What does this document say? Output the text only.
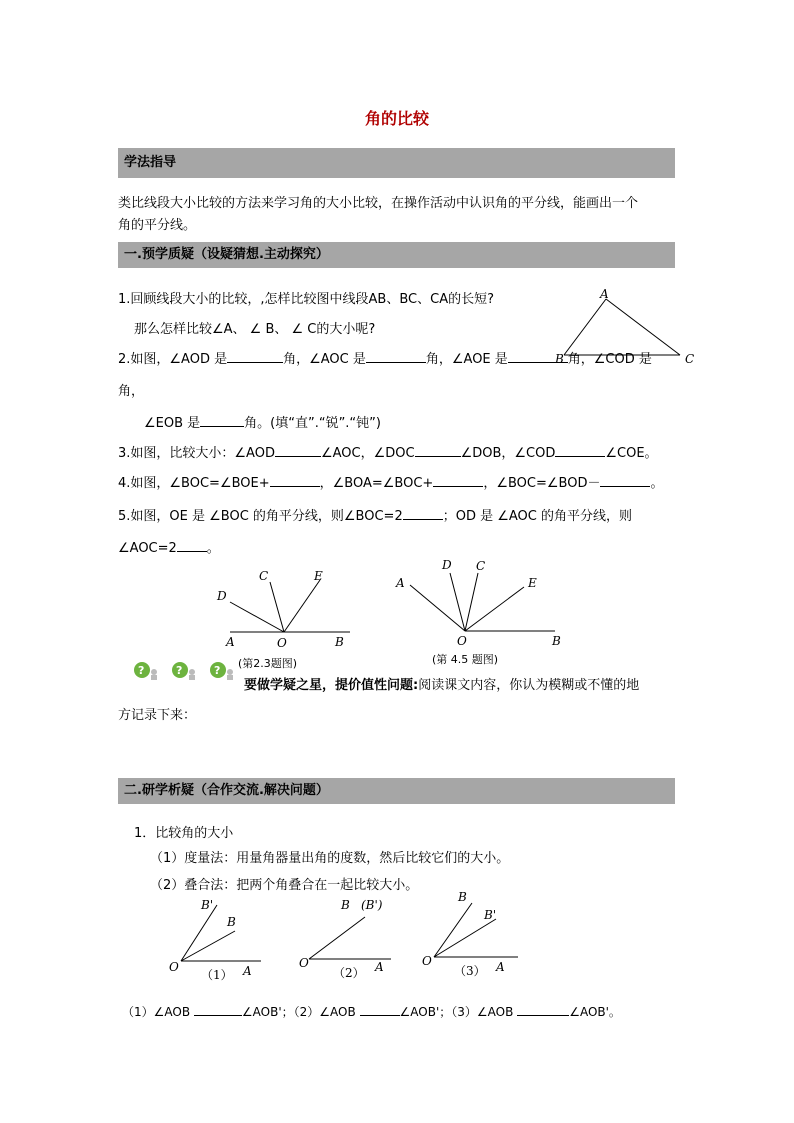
角的比较
学法指导
类比线段大小比较的方法来学习角的大小比较，在操作活动中认识角的平分线，能画出一个
角的平分线。
一.预学质疑（设疑猜想.主动探究）
1.回顾线段大小的比较，,怎样比较图中线段AB、BC、CA的长短?
那么怎样比较∠A、 ∠ B、 ∠ C的大小呢?
A
B	C
2.如图，∠AOD 是	角，∠AOC 是	角，∠AOE 是	角，∠COD 是
角，
∠EOB 是	角。(填“直”.“锐”.“钝”)
3.如图，比较大小：∠AOD	∠AOC，∠DOC	∠DOB，∠COD	∠COE。
4.如图，∠BOC=∠BOE+	，∠BOA=∠BOC+	，∠BOC=∠BOD－	。
5.如图，OE 是 ∠BOC 的角平分线，则∠BOC=2	；OD 是 ∠AOC 的角平分线，则
∠AOC=2 。
A	O	B
C
D
E	A
O	B
C
D
E
(第 4.5 题图)
?	?	?
(第2.3题图)
要做学疑之星，提价值性问题:阅读课文内容，你认为模糊或不懂的地
方记录下来：
二.研学析疑（合作交流.解决问题）
1．比较角的大小
（1）度量法：用量角器量出角的度数，然后比较它们的大小。
（2）叠合法：把两个角叠合在一起比较大小。
O	A
B
B'
（1）
O	A
B (B')
（2）
O	A
B
B'
（3）
（1）∠AOB	∠AOB'；（2）∠AOB	∠AOB'；（3）∠AOB	∠AOB'。
